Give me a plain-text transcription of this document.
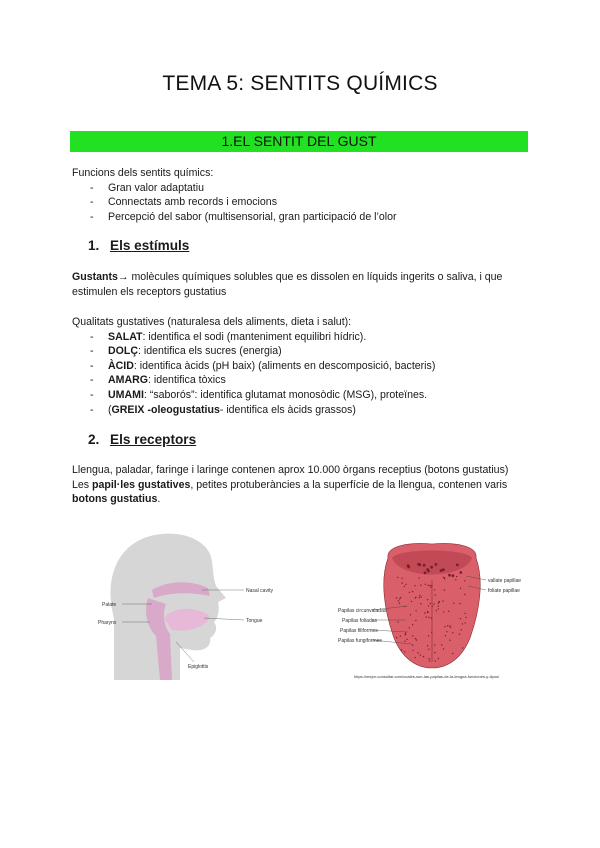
TEMA 5: SENTITS QUÍMICS
1.EL SENTIT DEL GUST

Funcions dels sentits químics:

- Gran valor adaptatiu
- Connectats amb records i emocions
- Percepció del sabor (multisensorial, gran participació de l’olor
1. Els estímuls

Gustants→ molècules químiques solubles que es dissolen en líquids ingerits o saliva, i que estimulen els receptors gustatius

Qualitats gustatives (naturalesa dels aliments, dieta i salut):

- SALAT: identifica el sodi (manteniment equilibri hídric).
- DOLÇ: identifica els sucres (energia)
- ÀCID: identifica àcids (pH baix) (aliments en descomposició, bacteris)
- AMARG: identifica tòxics
- UMAMI: “saborós”: identifica glutamat monosòdic (MSG), proteïnes.
- (GREIX -oleogustatius- identifica els àcids grassos)
2. Els receptors

Llengua, paladar, faringe i laringe contenen aprox 10.000 òrgans receptius (botons gustatius)

Les papil·les gustatives, petites protuberàncies a la superfície de la llengua, contenen varis botons gustatius.

Nasal cavity
Palate
Tongue
Pharynx
Epiglottis
vallate papillae
foliate papillae
Papilas circunvaladas
Papilas foliadas
Papilas filiformes
Papilas fungiformes
https://mejor-consultar.com/cuales-son-las-papilas-de-la-lengua-funciones-y-tipos/
